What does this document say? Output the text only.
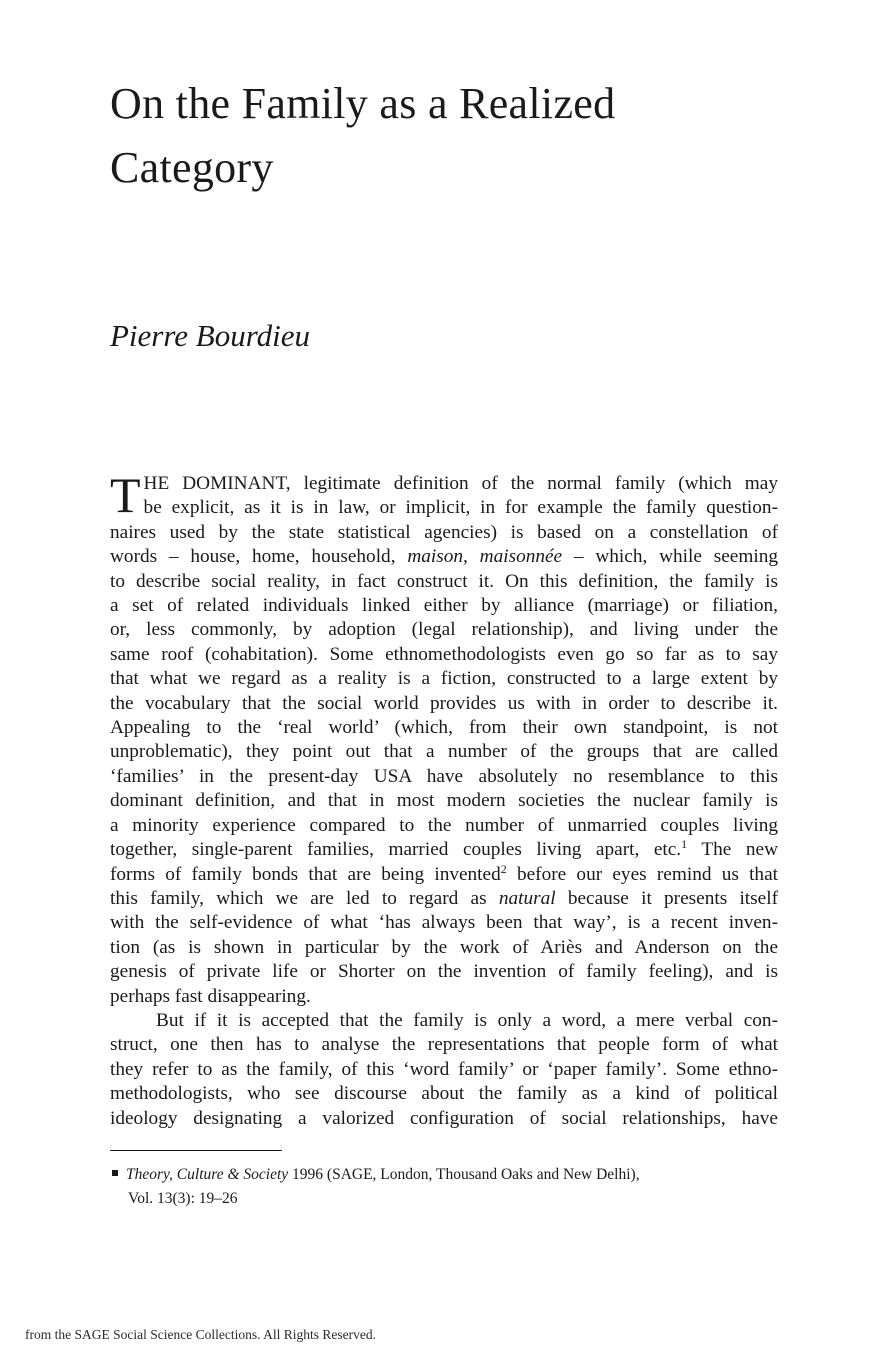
On the Family as a Realized
Category
Pierre Bourdieu

T HE DOMINANT, legitimate definition of the normal family (which may
be explicit, as it is in law, or implicit, in for example the family question-
naires used by the state statistical agencies) is based on a constellation of
words – house, home, household, maison, maisonnée – which, while seeming
to describe social reality, in fact construct it. On this definition, the family is
a set of related individuals linked either by alliance (marriage) or filiation,
or, less commonly, by adoption (legal relationship), and living under the
same roof (cohabitation). Some ethnomethodologists even go so far as to say
that what we regard as a reality is a fiction, constructed to a large extent by
the vocabulary that the social world provides us with in order to describe it.
Appealing to the ‘real world’ (which, from their own standpoint, is not
unproblematic), they point out that a number of the groups that are called
‘families’ in the present-day USA have absolutely no resemblance to this
dominant definition, and that in most modern societies the nuclear family is
a minority experience compared to the number of unmarried couples living
together, single-parent families, married couples living apart, etc.$^1$ The new
forms of family bonds that are being invented$^2$ before our eyes remind us that
this family, which we are led to regard as natural because it presents itself
with the self-evidence of what ‘has always been that way’, is a recent inven-
tion (as is shown in particular by the work of Ariès and Anderson on the
genesis of private life or Shorter on the invention of family feeling), and is
perhaps fast disappearing.

But if it is accepted that the family is only a word, a mere verbal con-
struct, one then has to analyse the representations that people form of what
they refer to as the family, of this ‘word family’ or ‘paper family’. Some ethno-
methodologists, who see discourse about the family as a kind of political
ideology designating a valorized configuration of social relationships, have

Theory, Culture & Society 1996 (SAGE, London, Thousand Oaks and New Delhi),
Vol. 13(3): 19–26
from the SAGE Social Science Collections. All Rights Reserved.
